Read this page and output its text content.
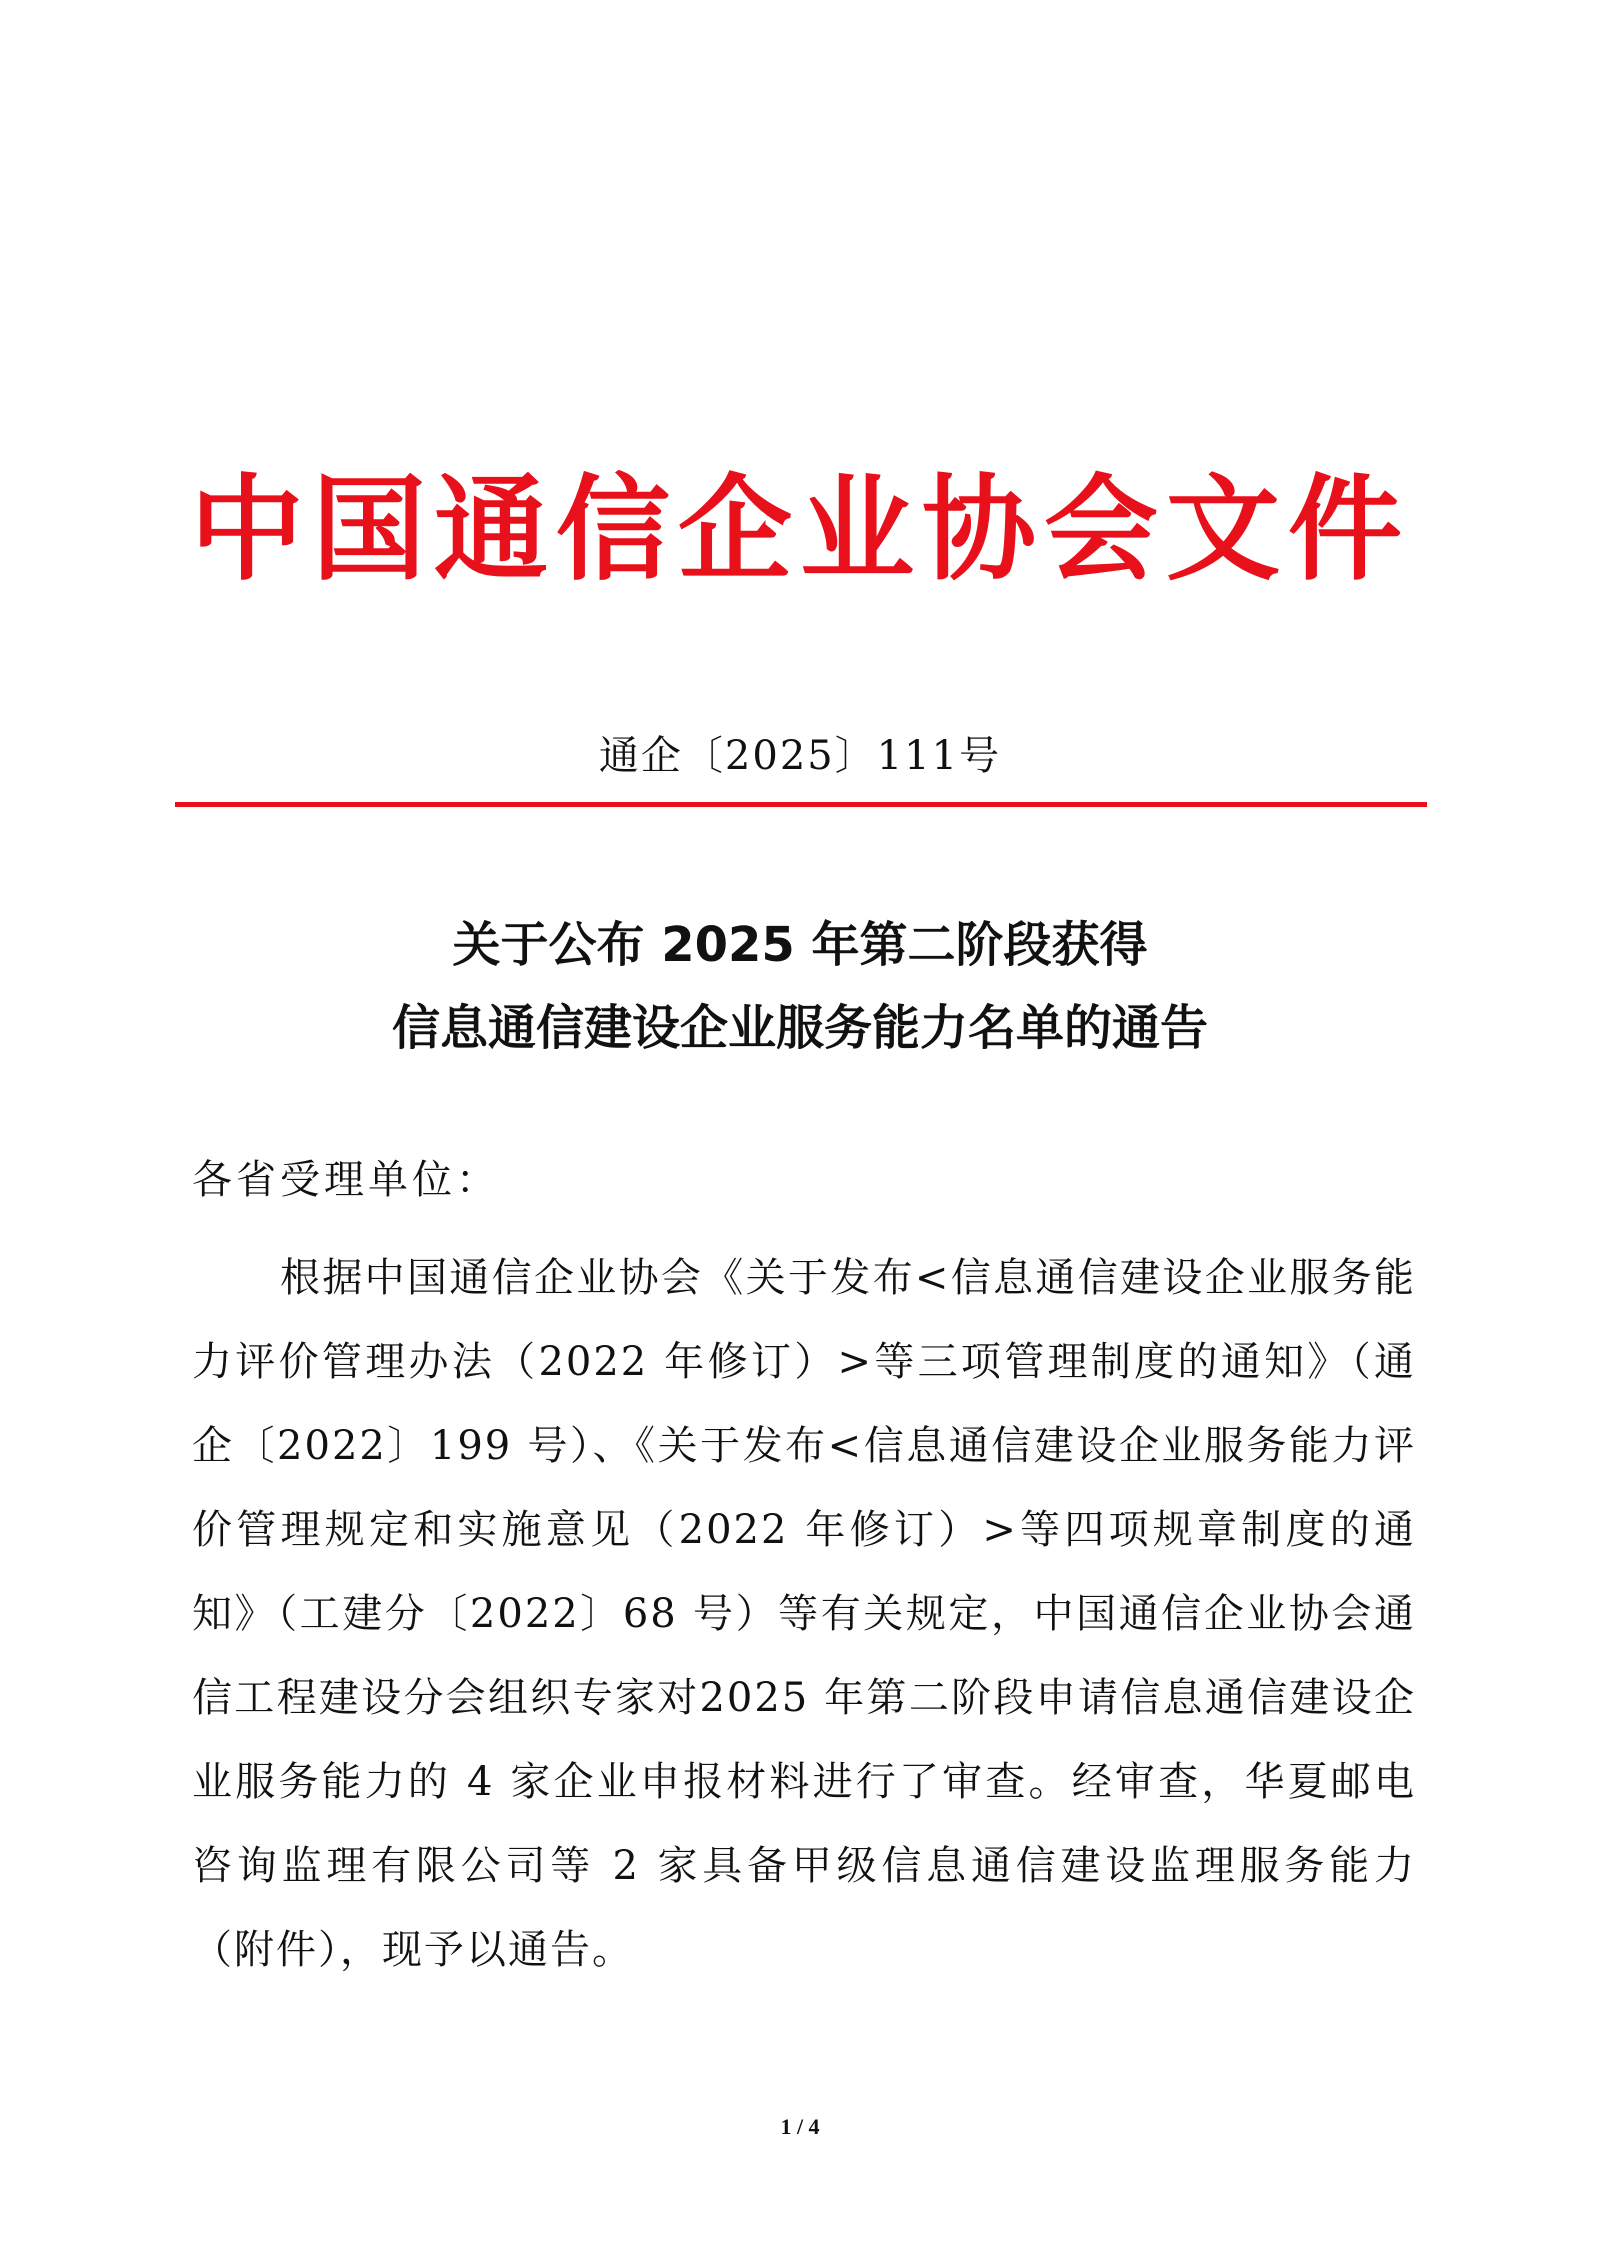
中国通信企业协会文件
通企〔2025〕111号
关于公布 2025 年第二阶段获得
信息通信建设企业服务能力名单的通告
各省受理单位：
根据中国通信企业协会《关于发布<信息通信建设企业服务能力评价管理办法（2022 年修订）>等三项管理制度的通知》（通企〔2022〕199 号）、《关于发布<信息通信建设企业服务能力评价管理规定和实施意见（2022 年修订）>等四项规章制度的通知》（工建分〔2022〕68 号）等有关规定，中国通信企业协会通信工程建设分会组织专家对2025 年第二阶段申请信息通信建设企业服务能力的 4 家企业申报材料进行了审查。经审查，华夏邮电咨询监理有限公司等 2 家具备甲级信息通信建设监理服务能力（附件），现予以通告。
1 / 4
